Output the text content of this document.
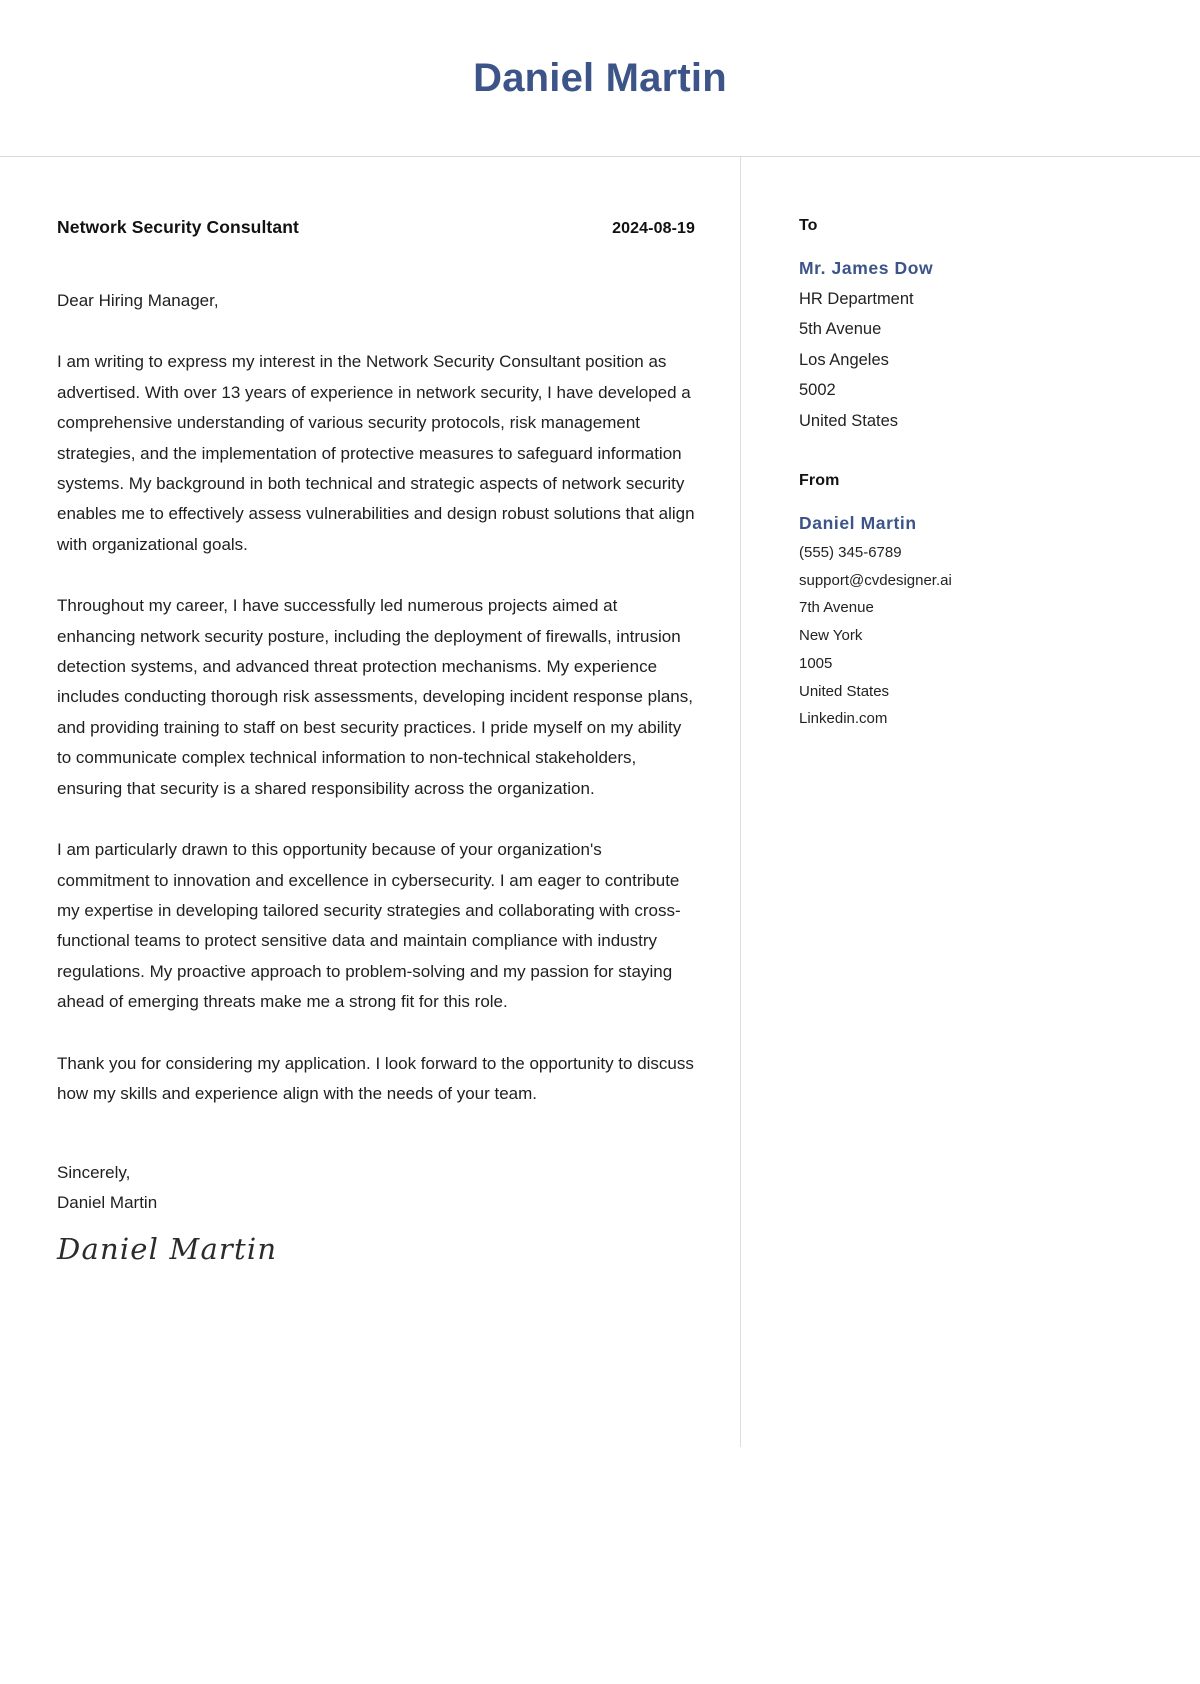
Daniel Martin
Network Security Consultant	2024-08-19
Dear Hiring Manager,

I am writing to express my interest in the Network Security Consultant position as advertised. With over 13 years of experience in network security, I have developed a comprehensive understanding of various security protocols, risk management strategies, and the implementation of protective measures to safeguard information systems. My background in both technical and strategic aspects of network security enables me to effectively assess vulnerabilities and design robust solutions that align with organizational goals.

Throughout my career, I have successfully led numerous projects aimed at enhancing network security posture, including the deployment of firewalls, intrusion detection systems, and advanced threat protection mechanisms. My experience includes conducting thorough risk assessments, developing incident response plans, and providing training to staff on best security practices. I pride myself on my ability to communicate complex technical information to non-technical stakeholders, ensuring that security is a shared responsibility across the organization.

I am particularly drawn to this opportunity because of your organization's commitment to innovation and excellence in cybersecurity. I am eager to contribute my expertise in developing tailored security strategies and collaborating with cross-functional teams to protect sensitive data and maintain compliance with industry regulations. My proactive approach to problem-solving and my passion for staying ahead of emerging threats make me a strong fit for this role.

Thank you for considering my application. I look forward to the opportunity to discuss how my skills and experience align with the needs of your team.

Sincerely,
Daniel Martin
Daniel Martin
To
Mr. James Dow
HR Department
5th Avenue
Los Angeles
5002
United States
From
Daniel Martin
(555) 345-6789
support@cvdesigner.ai
7th Avenue
New York
1005
United States
Linkedin.com
